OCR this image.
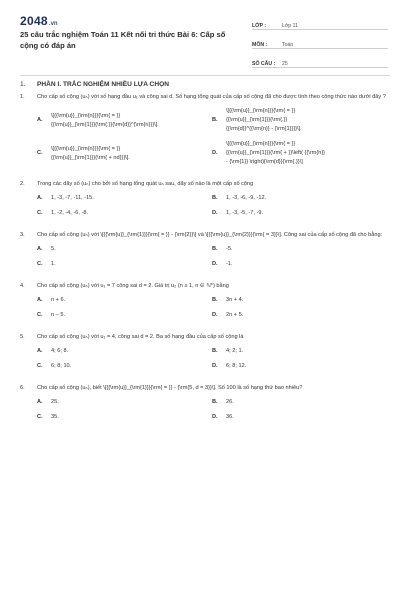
2048.vn
25 câu trắc nghiệm Toán 11 Kết nối tri thức Bài 6: Cấp số cộng có đáp án
LỚP :	Lớp 11
MÔN :	Toán
SỐ CÂU :	25
1.	PHẦN I. TRẮC NGHIỆM NHIỀU LỰA CHỌN
1.	Cho cấp số cộng (uₙ) với số hạng đầu u₁ và công sai d. Số hạng tổng quát của cấp số cộng đã cho được tính theo công thức nào dưới đây ?
A.
\[{{\rm{u}}_{\rm{n}}}{\rm{ = }}
{{\rm{u}}_{\rm{1}}}{\rm{.}}{\rm{d}}^{\rm{n}}}\].
B.
\[{{\rm{u}}_{\rm{n}}}{\rm{ = }}
{{\rm{u}}_{\rm{1}}}{\rm{.}}
{{\rm{d}}^{{\rm{n}} - {\rm{1}}}}\].
C.
\[{{\rm{u}}_{\rm{n}}}{\rm{ = }}
{{\rm{u}}_{\rm{1}}}{\rm{ + nd}}}\].
D.
\[{{\rm{u}}_{\rm{n}}}{\rm{ = }}
{{\rm{u}}_{\rm{1}}}{\rm{ + }}\left( {{\rm{n}}
- {\rm{1}} \right){\rm{d}}{\rm{.}}\]
2.	Trong các dãy số (uₙ) cho bởi số hạng tổng quát uₙ sau, dãy số nào là một cấp số cộng
A.	1, -3, -7, -11, -15.	B.	1, -3, -6, -9, -12.
C.	1, -2, -4, -6, -8.	D.	1, -3, -5, -7, -9.
3.	Cho cấp số cộng (uₙ) với \[{{\rm{u}}_{\rm{1}}}{\rm{ = }} - {\rm{2}}\] và \[{{\rm{u}}_{\rm{2}}}{\rm{ = 3}}\]. Công sai của cấp số cộng đã cho bằng:
A.	5.	B.	-5.
C.	1.	D.	-1.
4.	Cho cấp số cộng (uₙ) với u₁ = 7 công sai d = 2. Giá trị u₂ (n ≥ 1, n ∈ ℕ*) bằng
A.	n + 6.	B.	3n + 4.
C.	n – 5.	D.	2n + 5.
5.	Cho cấp số cộng (uₙ) với u₁ = 4, công sai d = 2. Ba số hạng đầu của cấp số cộng là
A.	4; 6; 8.	B.	4; 2; 1.
C.	6; 8; 10.	D.	6; 8; 12.
6.	Cho cấp số cộng (uₙ), biết \[{{\rm{u}}_{\rm{1}}}{\rm{ = }} - {\rm{5, d = 3}}\]. Số 100 là số hạng thứ bao nhiêu?
A.	25.	B.	26.
C.	35.	D.	36.
